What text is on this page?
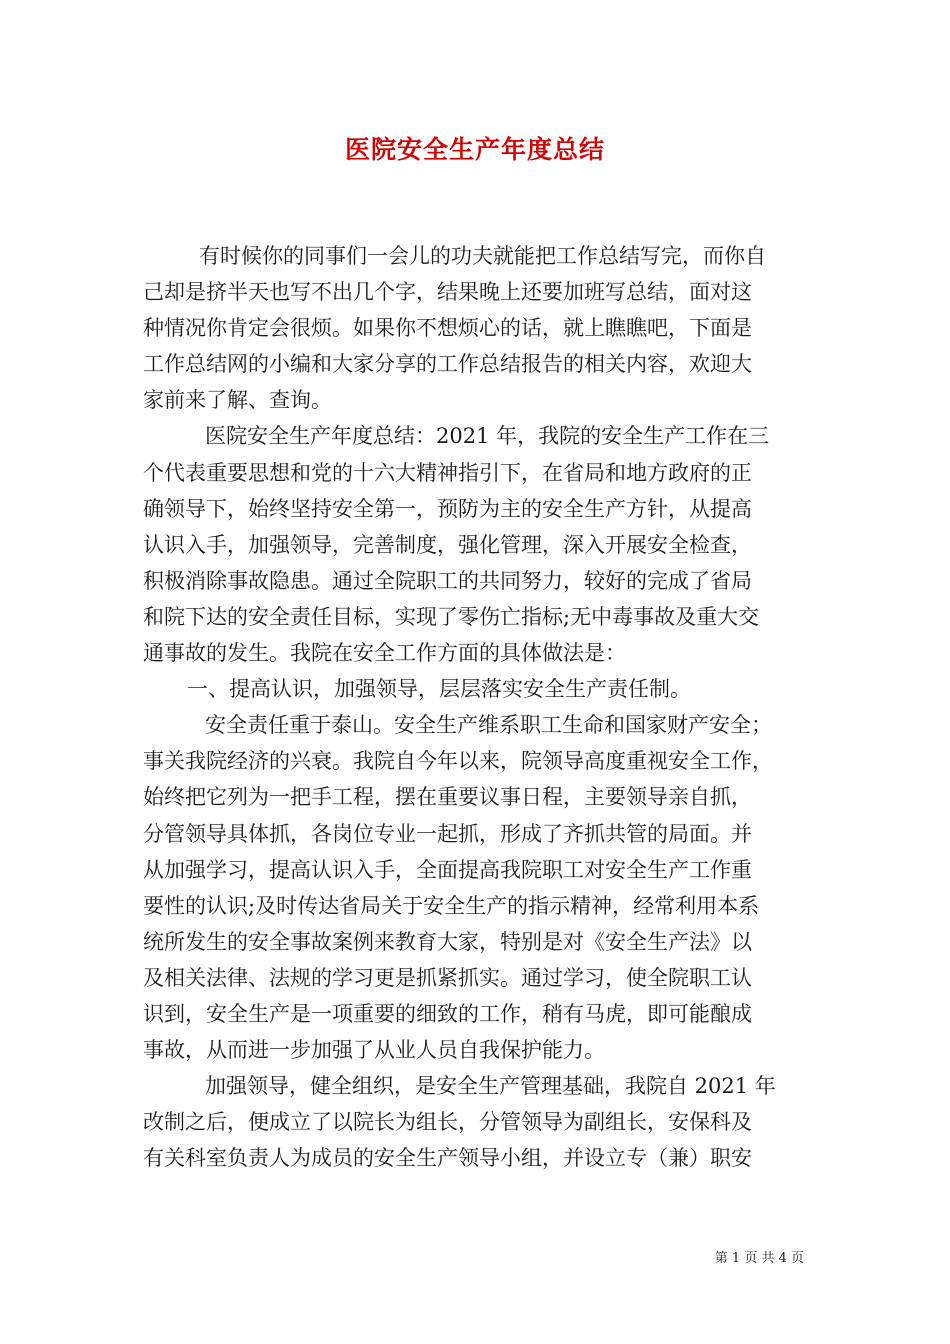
医院安全生产年度总结
有时候你的同事们一会儿的功夫就能把工作总结写完，而你自
己却是挤半天也写不出几个字，结果晚上还要加班写总结，面对这
种情况你肯定会很烦。如果你不想烦心的话，就上瞧瞧吧，下面是
工作总结网的小编和大家分享的工作总结报告的相关内容，欢迎大
家前来了解、查询。
医院安全生产年度总结：2021 年，我院的安全生产工作在三
个代表重要思想和党的十六大精神指引下，在省局和地方政府的正
确领导下，始终坚持安全第一，预防为主的安全生产方针，从提高
认识入手，加强领导，完善制度，强化管理，深入开展安全检查，
积极消除事故隐患。通过全院职工的共同努力，较好的完成了省局
和院下达的安全责任目标，实现了零伤亡指标;无中毒事故及重大交
通事故的发生。我院在安全工作方面的具体做法是：
一、提高认识，加强领导，层层落实安全生产责任制。
安全责任重于泰山。安全生产维系职工生命和国家财产安全；
事关我院经济的兴衰。我院自今年以来，院领导高度重视安全工作，
始终把它列为一把手工程，摆在重要议事日程，主要领导亲自抓，
分管领导具体抓，各岗位专业一起抓，形成了齐抓共管的局面。并
从加强学习，提高认识入手，全面提高我院职工对安全生产工作重
要性的认识;及时传达省局关于安全生产的指示精神，经常利用本系
统所发生的安全事故案例来教育大家，特别是对《安全生产法》以
及相关法律、法规的学习更是抓紧抓实。通过学习，使全院职工认
识到，安全生产是一项重要的细致的工作，稍有马虎，即可能酿成
事故，从而进一步加强了从业人员自我保护能力。
加强领导，健全组织，是安全生产管理基础，我院自 2021 年
改制之后，便成立了以院长为组长，分管领导为副组长，安保科及
有关科室负责人为成员的安全生产领导小组，并设立专（兼）职安
第 1 页 共 4 页
